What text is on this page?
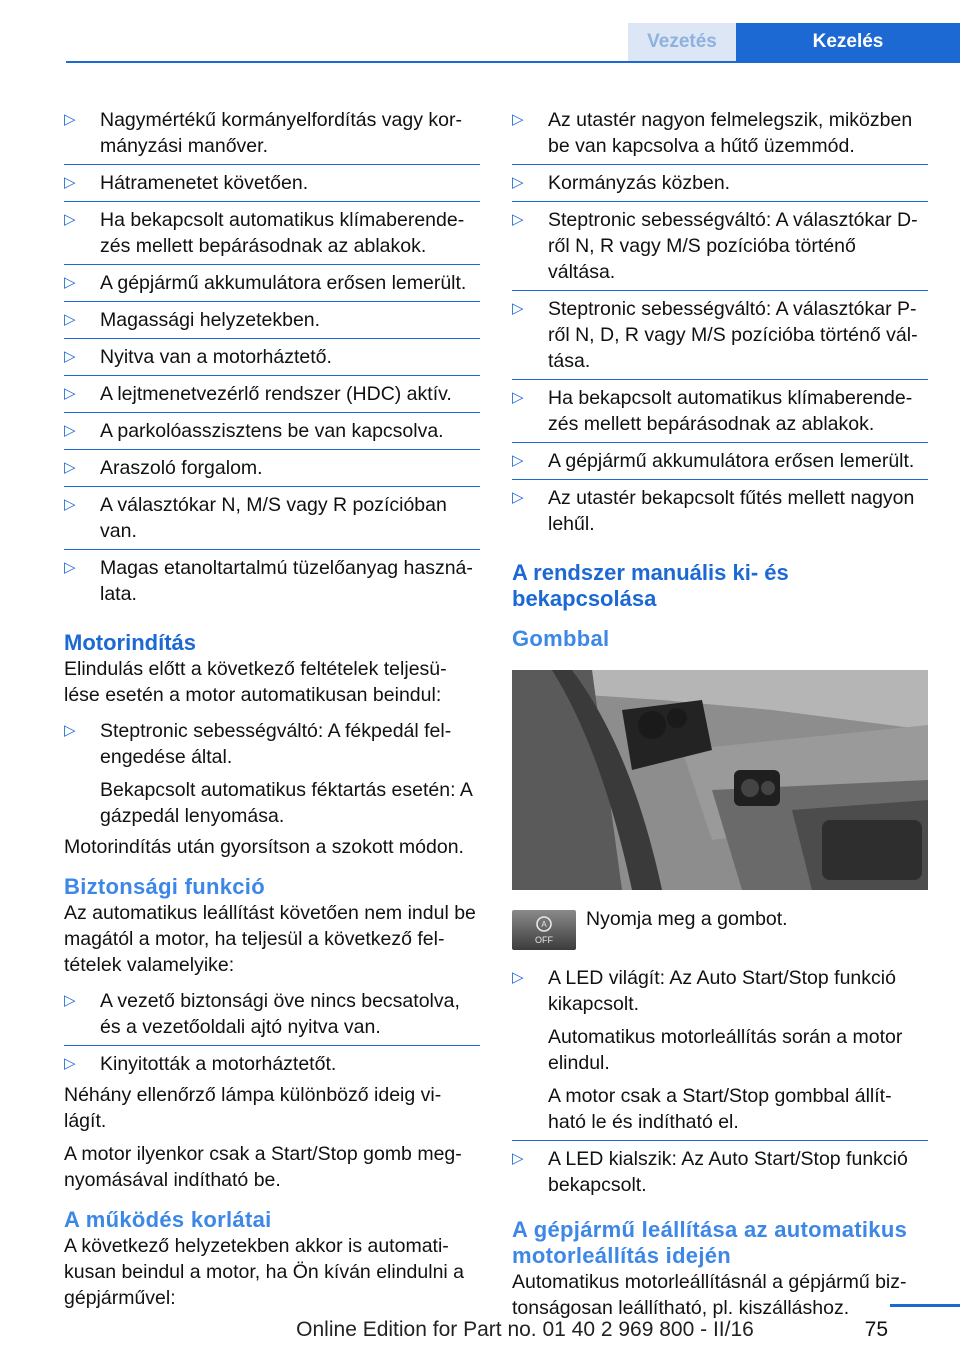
Vezetés	Kezelés
▷ Nagymértékű kormányelfordítás vagy kor-mányzási manőver.

▷ Hátramenetet követően.

▷ Ha bekapcsolt automatikus klímaberende-zés mellett bepárásodnak az ablakok.

▷ A gépjármű akkumulátora erősen lemerült.

▷ Magassági helyzetekben.

▷ Nyitva van a motorháztető.

▷ A lejtmenetvezérlő rendszer (HDC) aktív.

▷ A parkolóasszisztens be van kapcsolva.

▷ Araszoló forgalom.

▷ A választókar N, M/S vagy R pozícióban van.

▷ Magas etanoltartalmú tüzelőanyag haszná-lata.

Motorindítás

Elindulás előtt a következő feltételek teljesü-lése esetén a motor automatikusan beindul:

▷ Steptronic sebességváltó: A fékpedál fel-engedése által.

Bekapcsolt automatikus féktartás esetén: A gázpedál lenyomása.

Motorindítás után gyorsítson a szokott módon.

Biztonsági funkció

Az automatikus leállítást követően nem indul be magától a motor, ha teljesül a következő fel-tételek valamelyike:

▷ A vezető biztonsági öve nincs becsatolva, és a vezetőoldali ajtó nyitva van.

▷ Kinyitották a motorháztetőt.

Néhány ellenőrző lámpa különböző ideig vi-lágít.

A motor ilyenkor csak a Start/Stop gomb meg-nyomásával indítható be.

A működés korlátai

A következő helyzetekben akkor is automati-kusan beindul a motor, ha Ön kíván elindulni a gépjárművel:

▷ Az utastér nagyon felmelegszik, miközben be van kapcsolva a hűtő üzemmód.

▷ Kormányzás közben.

▷ Steptronic sebességváltó: A választókar D-ről N, R vagy M/S pozícióba történő váltása.

▷ Steptronic sebességváltó: A választókar P-ről N, D, R vagy M/S pozícióba történő vál-tása.

▷ Ha bekapcsolt automatikus klímaberende-zés mellett bepárásodnak az ablakok.

▷ A gépjármű akkumulátora erősen lemerült.

▷ Az utastér bekapcsolt fűtés mellett nagyon lehűl.

A rendszer manuális ki- és bekapcsolása
Gombbal
A
OFF

Nyomja meg a gombot.

▷ A LED világít: Az Auto Start/Stop funkció kikapcsolt.

Automatikus motorleállítás során a motor elindul.

A motor csak a Start/Stop gombbal állít-ható le és indítható el.

▷ A LED kialszik: Az Auto Start/Stop funkció bekapcsolt.

A gépjármű leállítása az automatikus motorleállítás idején

Automatikus motorleállításnál a gépjármű biz-tonságosan leállítható, pl. kiszálláshoz.

75
Online Edition for Part no. 01 40 2 969 800 - II/16
